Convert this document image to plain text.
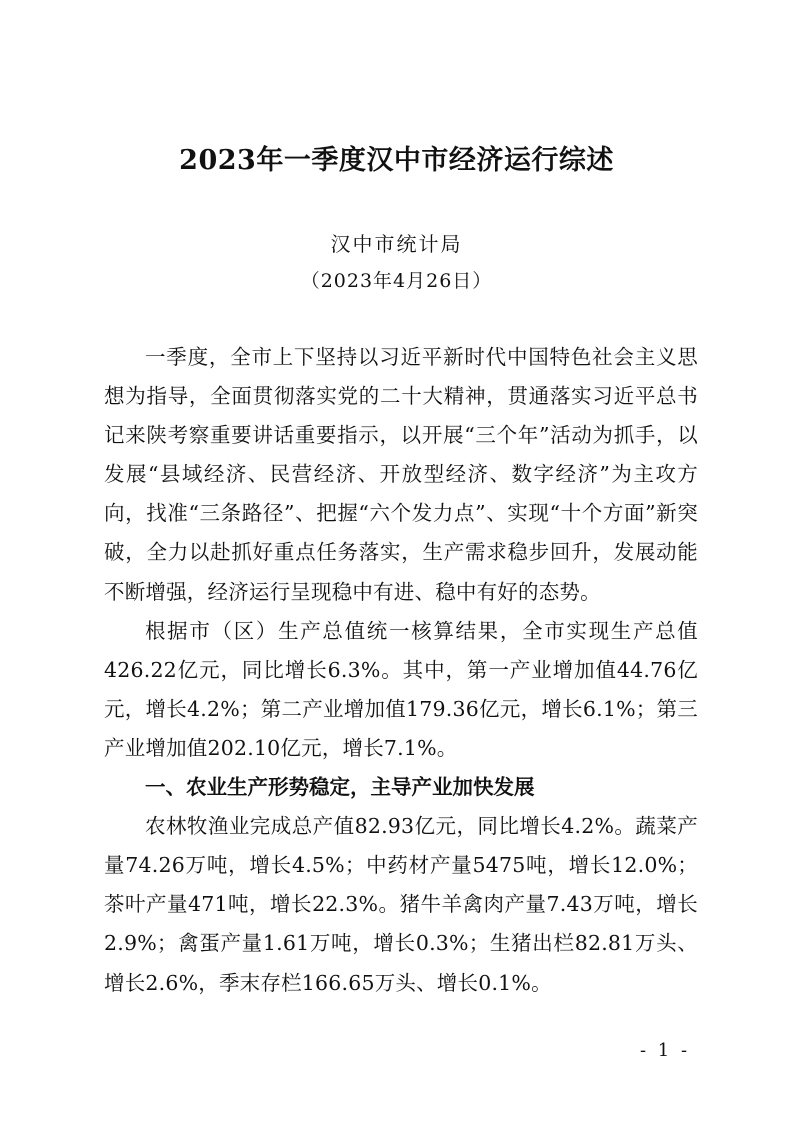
2023年一季度汉中市经济运行综述
汉中市统计局
（2023年4月26日）

一季度，全市上下坚持以习近平新时代中国特色社会主义思想为指导，全面贯彻落实党的二十大精神，贯通落实习近平总书记来陕考察重要讲话重要指示，以开展“三个年”活动为抓手，以发展“县域经济、民营经济、开放型经济、数字经济”为主攻方向，找准“三条路径”、把握“六个发力点”、实现“十个方面”新突破，全力以赴抓好重点任务落实，生产需求稳步回升，发展动能不断增强，经济运行呈现稳中有进、稳中有好的态势。

根据市（区）生产总值统一核算结果，全市实现生产总值426.22亿元，同比增长6.3%。其中，第一产业增加值44.76亿元，增长4.2%；第二产业增加值179.36亿元，增长6.1%；第三产业增加值202.10亿元，增长7.1%。

一、农业生产形势稳定，主导产业加快发展

农林牧渔业完成总产值82.93亿元，同比增长4.2%。蔬菜产量74.26万吨，增长4.5%；中药材产量5475吨，增长12.0%；茶叶产量471吨，增长22.3%。猪牛羊禽肉产量7.43万吨，增长2.9%；禽蛋产量1.61万吨，增长0.3%；生猪出栏82.81万头、增长2.6%，季末存栏166.65万头、增长0.1%。

- 1 -
